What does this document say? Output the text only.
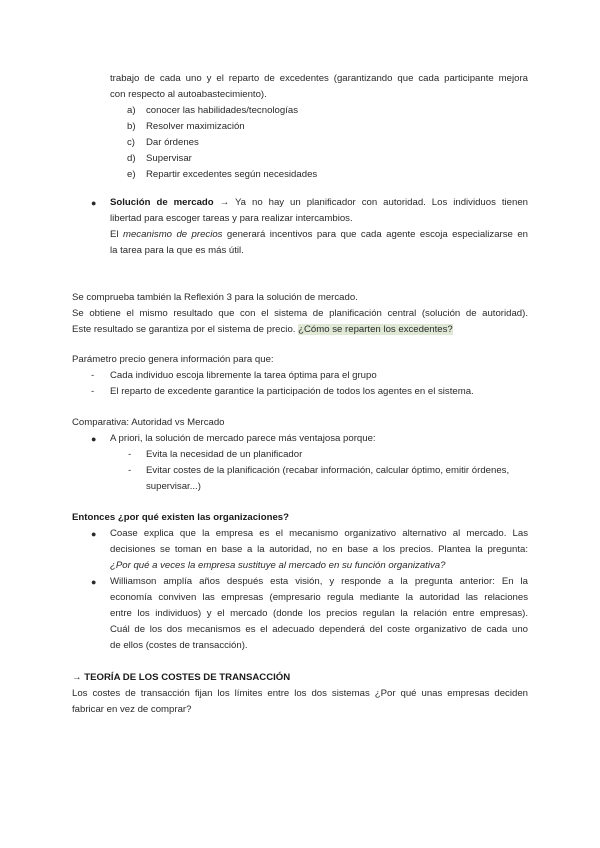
trabajo de cada uno y el reparto de excedentes (garantizando que cada participante mejora
con respecto al autoabastecimiento).
a) conocer las habilidades/tecnologías
b) Resolver maximización
c) Dar órdenes
d) Supervisar
e) Repartir excedentes según necesidades
● Solución de mercado → Ya no hay un planificador con autoridad. Los individuos tienen
libertad para escoger tareas y para realizar intercambios.
El mecanismo de precios generará incentivos para que cada agente escoja especializarse en
la tarea para la que es más útil.
Se comprueba también la Reflexión 3 para la solución de mercado.
Se obtiene el mismo resultado que con el sistema de planificación central (solución de autoridad).
Este resultado se garantiza por el sistema de precio. ¿Cómo se reparten los excedentes?
Parámetro precio genera información para que:
- Cada individuo escoja libremente la tarea óptima para el grupo
- El reparto de excedente garantice la participación de todos los agentes en el sistema.
Comparativa: Autoridad vs Mercado
● A priori, la solución de mercado parece más ventajosa porque:
- Evita la necesidad de un planificador
- Evitar costes de la planificación (recabar información, calcular óptimo, emitir órdenes,
supervisar...)
Entonces ¿por qué existen las organizaciones?
● Coase explica que la empresa es el mecanismo organizativo alternativo al mercado. Las
decisiones se toman en base a la autoridad, no en base a los precios. Plantea la pregunta:
¿Por qué a veces la empresa sustituye al mercado en su función organizativa?
● Williamson amplía años después esta visión, y responde a la pregunta anterior: En la
economía conviven las empresas (empresario regula mediante la autoridad las relaciones
entre los individuos) y el mercado (donde los precios regulan la relación entre empresas).
Cuál de los dos mecanismos es el adecuado dependerá del coste organizativo de cada uno
de ellos (costes de transacción).
→ TEORÍA DE LOS COSTES DE TRANSACCIÓN
Los costes de transacción fijan los límites entre los dos sistemas ¿Por qué unas empresas deciden
fabricar en vez de comprar?
